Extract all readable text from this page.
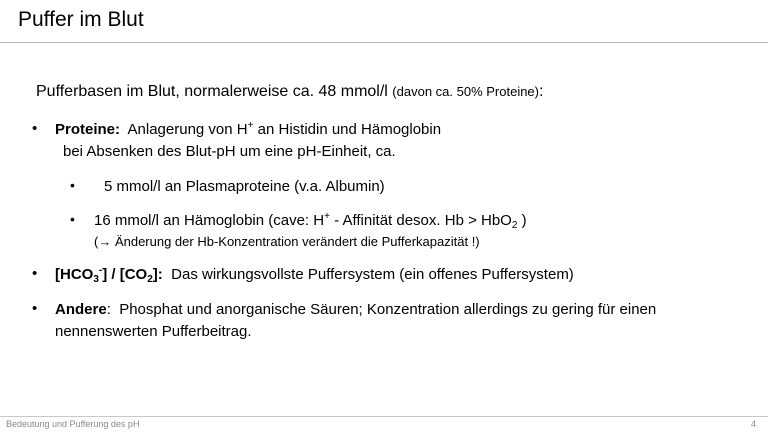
Puffer im Blut
Pufferbasen im Blut, normalerweise ca. 48 mmol/l (davon ca. 50% Proteine):
• Proteine: Anlagerung von H+ an Histidin und Hämoglobin
bei Absenken des Blut-pH um eine pH-Einheit, ca.
• 5 mmol/l an Plasmaproteine (v.a. Albumin)
• 16 mmol/l an Hämoglobin (cave: H+ - Affinität desox. Hb > HbO$_2$ )
(→ Änderung der Hb-Konzentration verändert die Pufferkapazität !)
• $[HCO_3^-] / [CO_2]$: Das wirkungsvollste Puffersystem (ein offenes Puffersystem)
• Andere: Phosphat und anorganische Säuren; Konzentration allerdings zu gering für einen
nennenswerten Pufferbeitrag.
Bedeutung und Pufferung des pH	4
